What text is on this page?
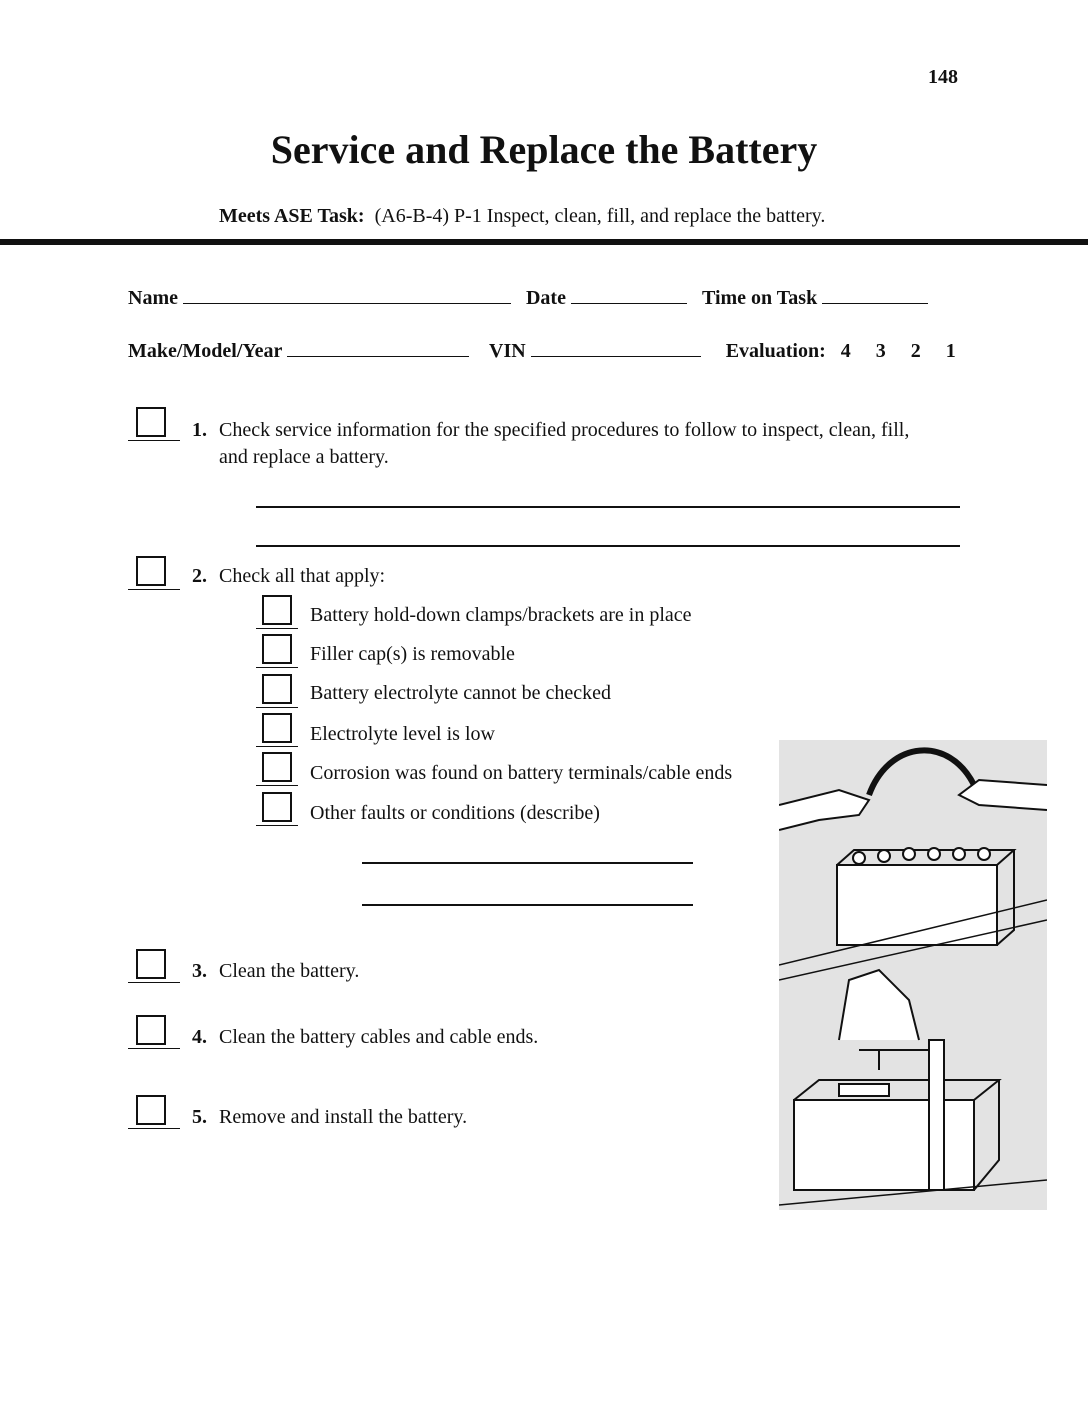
148
Service and Replace the Battery
Meets ASE Task: (A6-B-4) P-1 Inspect, clean, fill, and replace the battery.
Name	Date	Time on Task
Make/Model/Year	VIN	Evaluation: 4 3 2 1
1. Check service information for the specified procedures to follow to inspect, clean, fill,
and replace a battery.
2. Check all that apply:
Battery hold-down clamps/brackets are in place
Filler cap(s) is removable
Battery electrolyte cannot be checked
Electrolyte level is low
Corrosion was found on battery terminals/cable ends
Other faults or conditions (describe)
3. Clean the battery.
4. Clean the battery cables and cable ends.
5. Remove and install the battery.
